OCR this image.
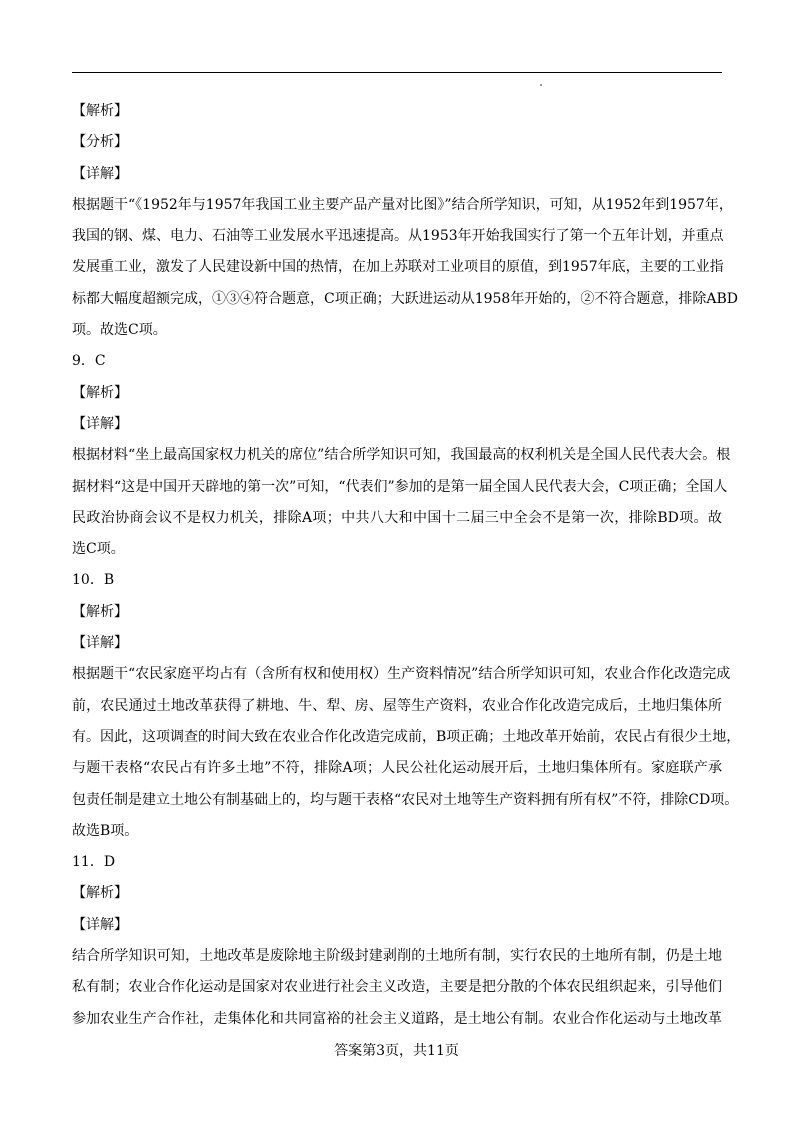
【解析】
【分析】
【详解】
根据题干“《1952年与1957年我国工业主要产品产量对比图》”结合所学知识，可知，从1952年到1957年，
我国的钢、煤、电力、石油等工业发展水平迅速提高。从1953年开始我国实行了第一个五年计划，并重点
发展重工业，激发了人民建设新中国的热情，在加上苏联对工业项目的原值，到1957年底，主要的工业指
标都大幅度超额完成，①③④符合题意，C项正确；大跃进运动从1958年开始的，②不符合题意，排除ABD
项。故选C项。
9．C
【解析】
【详解】
根据材料“坐上最高国家权力机关的席位”结合所学知识可知，我国最高的权利机关是全国人民代表大会。根
据材料“这是中国开天辟地的第一次”可知，“代表们”参加的是第一届全国人民代表大会，C项正确；全国人
民政治协商会议不是权力机关，排除A项；中共八大和中国十二届三中全会不是第一次，排除BD项。故
选C项。
10．B
【解析】
【详解】
根据题干“农民家庭平均占有（含所有权和使用权）生产资料情况”结合所学知识可知，农业合作化改造完成
前，农民通过土地改革获得了耕地、牛、犁、房、屋等生产资料，农业合作化改造完成后，土地归集体所
有。因此，这项调查的时间大致在农业合作化改造完成前，B项正确；土地改革开始前，农民占有很少土地，
与题干表格“农民占有许多土地”不符，排除A项；人民公社化运动展开后，土地归集体所有。家庭联产承
包责任制是建立土地公有制基础上的，均与题干表格“农民对土地等生产资料拥有所有权”不符，排除CD项。
故选B项。
11．D
【解析】
【详解】
结合所学知识可知，土地改革是废除地主阶级封建剥削的土地所有制，实行农民的土地所有制，仍是土地
私有制；农业合作化运动是国家对农业进行社会主义改造，主要是把分散的个体农民组织起来，引导他们
参加农业生产合作社，走集体化和共同富裕的社会主义道路，是土地公有制。农业合作化运动与土地改革
答案第3页，共11页
